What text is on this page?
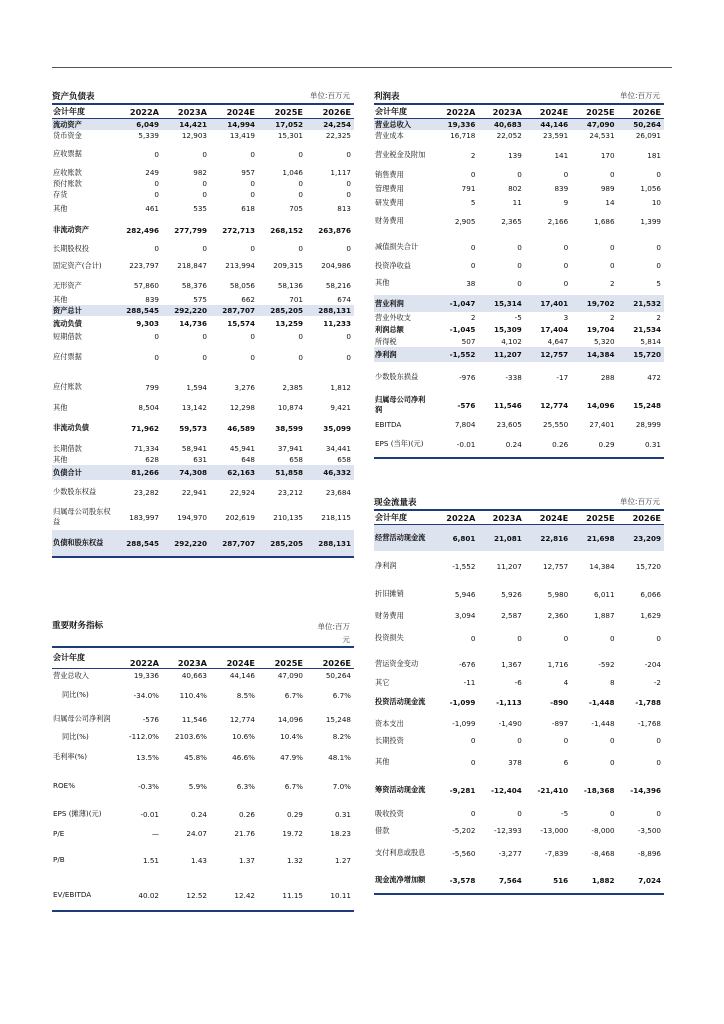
资产负债表	单位:百万元
会计年度	2022A	2023A	2024E	2025E	2026E

流动资产	6,049	14,421	14,994	17,052	24,254
货币资金	5,339	12,903	13,419	15,301	22,325
应收票据	0	0	0	0	0
应收账款	249	982	957	1,046	1,117
预付账款	0	0	0	0	0
存货	0	0	0	0	0
其他	461	535	618	705	813
非流动资产	282,496	277,799	272,713	268,152	263,876
长期股权投	0	0	0	0	0
固定资产(合计)	223,797	218,847	213,994	209,315	204,986
无形资产	57,860	58,376	58,056	58,136	58,216
其他	839	575	662	701	674
资产总计	288,545	292,220	287,707	285,205	288,131
流动负债	9,303	14,736	15,574	13,259	11,233
短期借款	0	0	0	0	0
应付票据	0	0	0	0	0
应付账款	799	1,594	3,276	2,385	1,812
其他	8,504	13,142	12,298	10,874	9,421
非流动负债	71,962	59,573	46,589	38,599	35,099
长期借款	71,334	58,941	45,941	37,941	34,441
其他	628	631	648	658	658
负债合计	81,266	74,308	62,163	51,858	46,332
少数股东权益	23,282	22,941	22,924	23,212	23,684
归属母公司股东权益	183,997	194,970	202,619	210,135	218,115
负债和股东权益	288,545	292,220	287,707	285,205	288,131
重要财务指标	单位:百万元
会计年度	2022A	2023A	2024E	2025E	2026E

营业总收入	19,336	40,663	44,146	47,090	50,264
同比(%)	-34.0%	110.4%	8.5%	6.7%	6.7%
归属母公司净利润	-576	11,546	12,774	14,096	15,248
同比(%)	-112.0%	2103.6%	10.6%	10.4%	8.2%
毛利率(%)	13.5%	45.8%	46.6%	47.9%	48.1%
ROE%	-0.3%	5.9%	6.3%	6.7%	7.0%
EPS (摊薄)(元)	-0.01	0.24	0.26	0.29	0.31
P/E	—	24.07	21.76	19.72	18.23
P/B	1.51	1.43	1.37	1.32	1.27
EV/EBITDA	40.02	12.52	12.42	11.15	10.11
利润表	单位:百万元
会计年度	2022A	2023A	2024E	2025E	2026E

营业总收入	19,336	40,683	44,146	47,090	50,264
营业成本	16,718	22,052	23,591	24,531	26,091
营业税金及附加	2	139	141	170	181
销售费用	0	0	0	0	0
管理费用	791	802	839	989	1,056
研发费用	5	11	9	14	10
财务费用	2,905	2,365	2,166	1,686	1,399
减值损失合计	0	0	0	0	0
投资净收益	0	0	0	0	0
其他	38	0	0	2	5
营业利润	-1,047	15,314	17,401	19,702	21,532
营业外收支	2	-5	3	2	2
利润总额	-1,045	15,309	17,404	19,704	21,534
所得税	507	4,102	4,647	5,320	5,814
净利润	-1,552	11,207	12,757	14,384	15,720
少数股东损益	-976	-338	-17	288	472
归属母公司净利润	-576	11,546	12,774	14,096	15,248
EBITDA	7,804	23,605	25,550	27,401	28,999
EPS (当年)(元)	-0.01	0.24	0.26	0.29	0.31
现金流量表	单位:百万元
会计年度	2022A	2023A	2024E	2025E	2026E

经营活动现金流	6,801	21,081	22,816	21,698	23,209
净利润	-1,552	11,207	12,757	14,384	15,720
折旧摊销	5,946	5,926	5,980	6,011	6,066
财务费用	3,094	2,587	2,360	1,887	1,629
投资损失	0	0	0	0	0
营运资金变动	-676	1,367	1,716	-592	-204
其它	-11	-6	4	8	-2
投资活动现金流	-1,099	-1,113	-890	-1,448	-1,788
资本支出	-1,099	-1,490	-897	-1,448	-1,768
长期投资	0	0	0	0	0
其他	0	378	6	0	0
筹资活动现金流	-9,281	-12,404	-21,410	-18,368	-14,396
吸收投资	0	0	-5	0	0
借款	-5,202	-12,393	-13,000	-8,000	-3,500
支付利息或股息	-5,560	-3,277	-7,839	-8,468	-8,896
现金流净增加额	-3,578	7,564	516	1,882	7,024
